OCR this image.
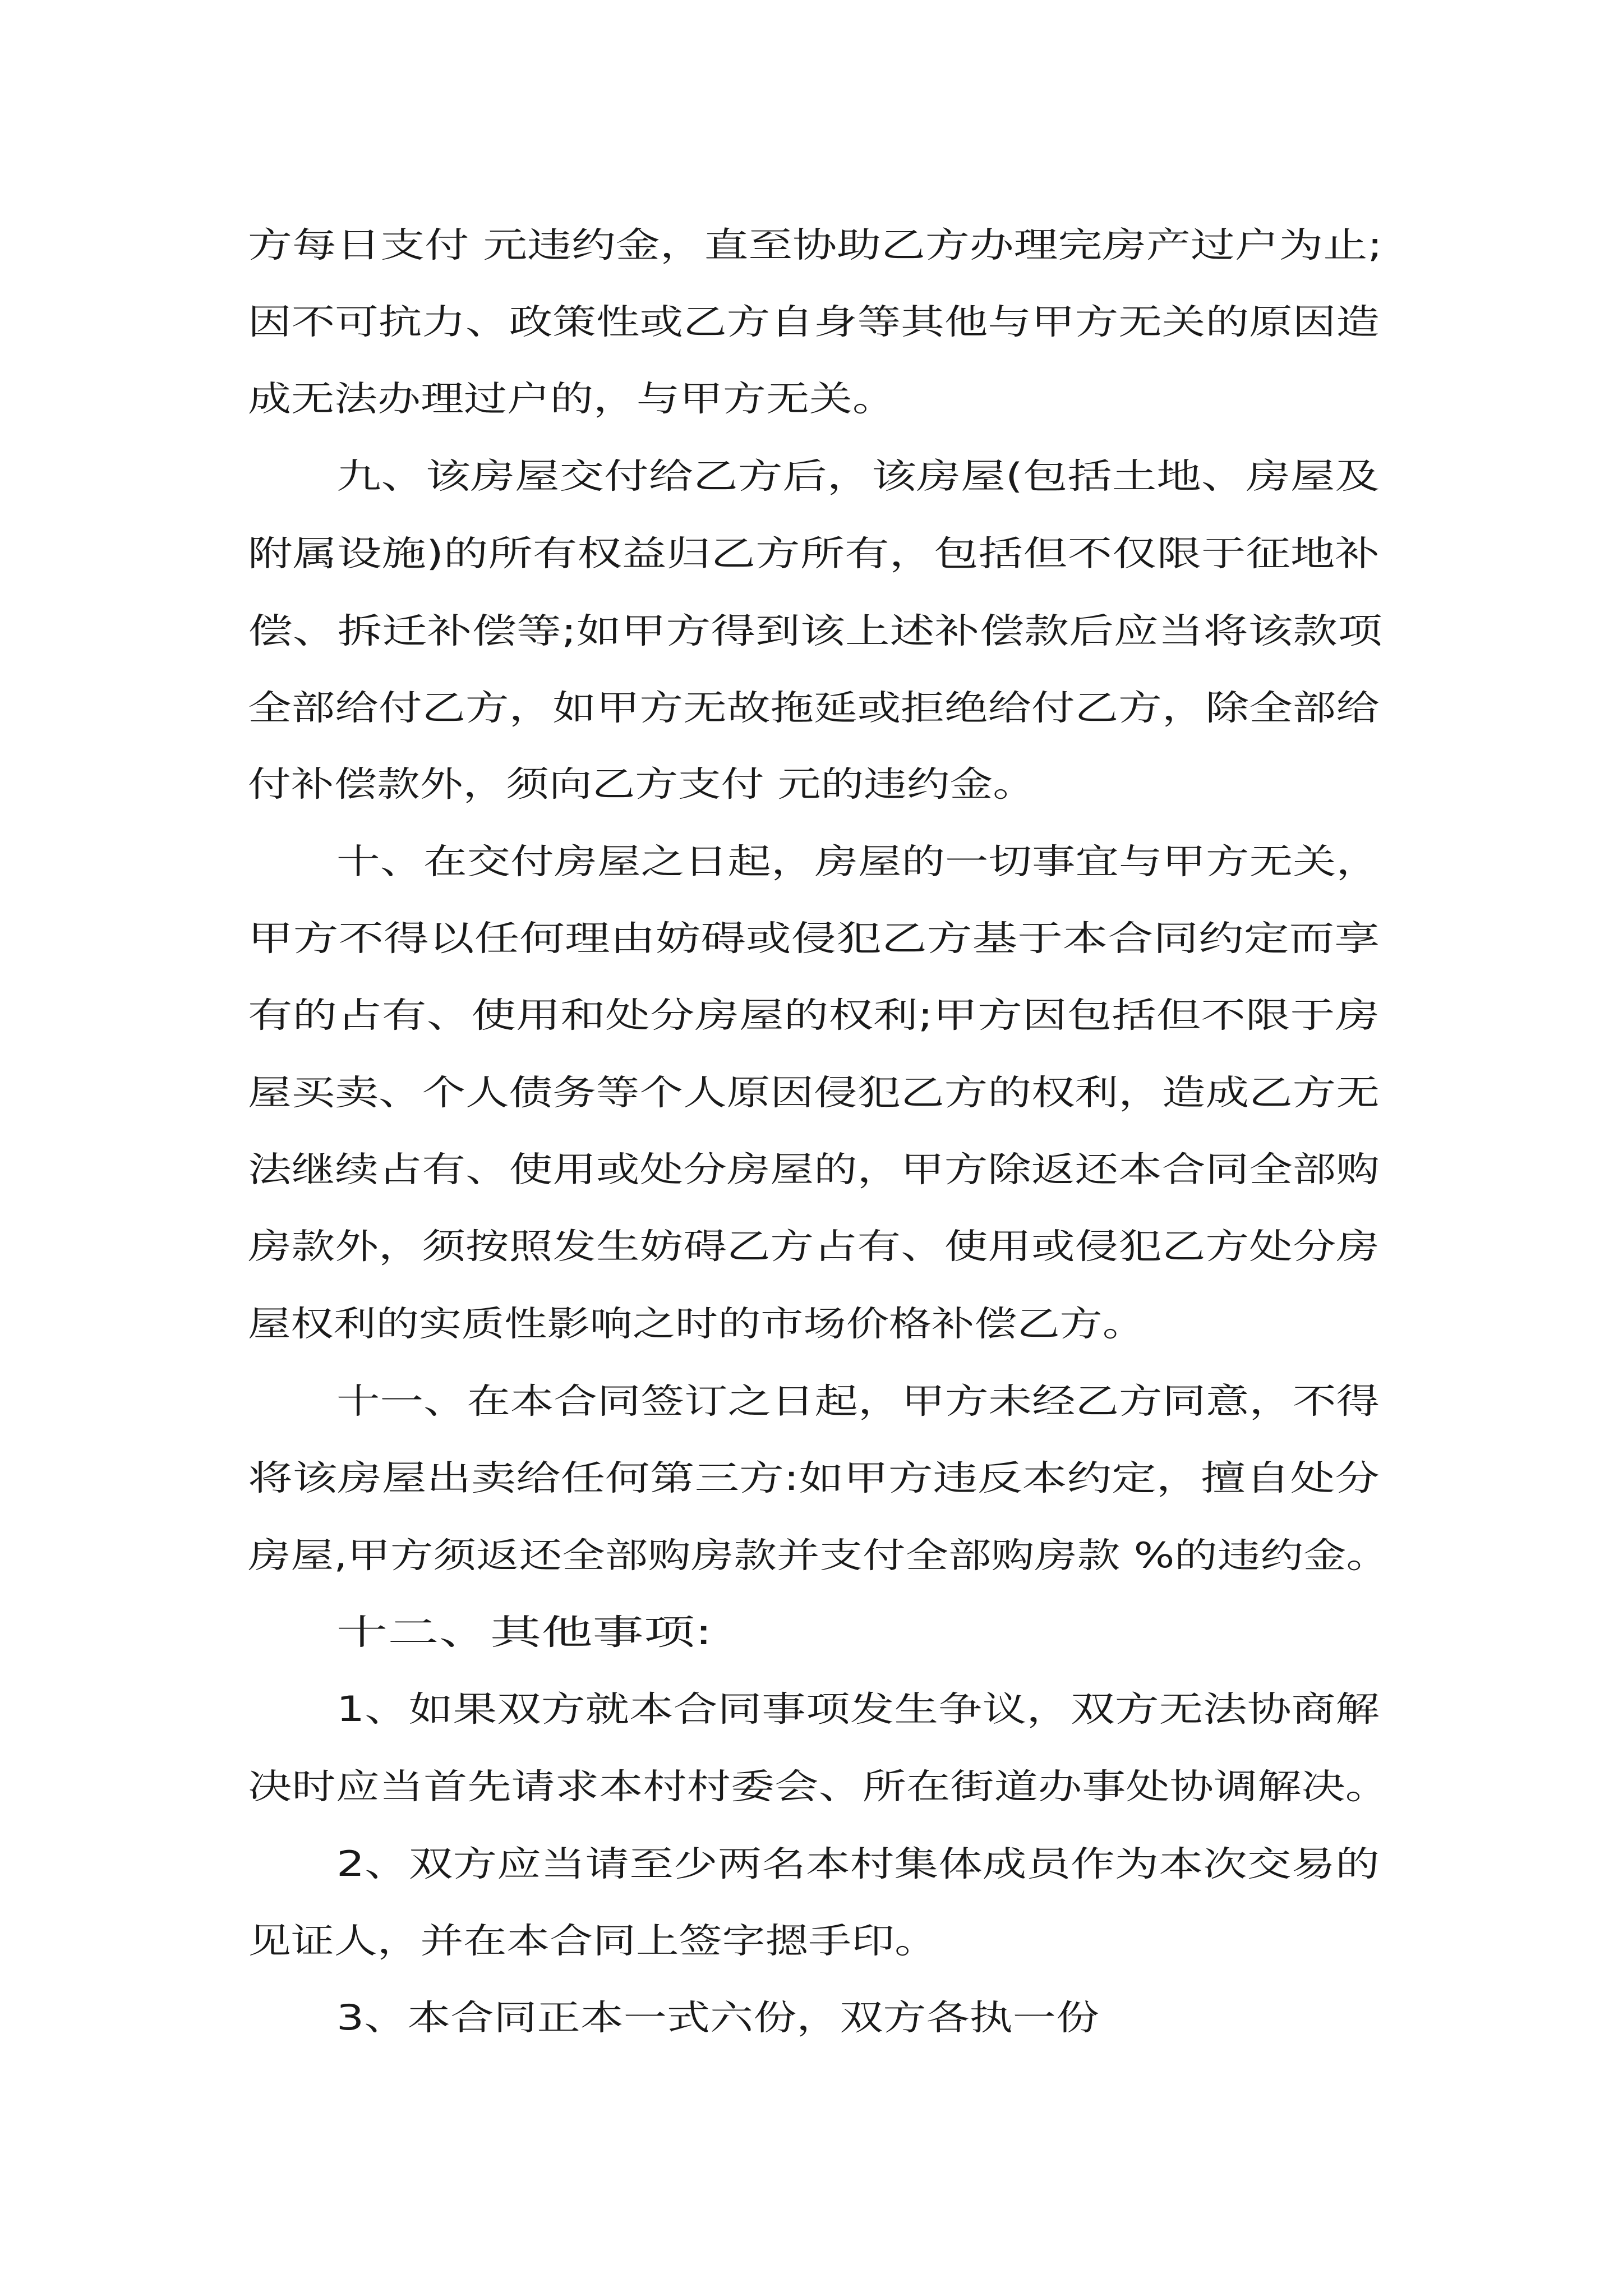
方每日支付 元违约金，直至协助乙方办理完房产过户为止;
因不可抗力、政策性或乙方自身等其他与甲方无关的原因造
成无法办理过户的，与甲方无关。
九、该房屋交付给乙方后，该房屋(包括土地、房屋及
附属设施)的所有权益归乙方所有，包括但不仅限于征地补
偿、拆迁补偿等;如甲方得到该上述补偿款后应当将该款项
全部给付乙方，如甲方无故拖延或拒绝给付乙方，除全部给
付补偿款外，须向乙方支付 元的违约金。
十、在交付房屋之日起，房屋的一切事宜与甲方无关，
甲方不得以任何理由妨碍或侵犯乙方基于本合同约定而享
有的占有、使用和处分房屋的权利;甲方因包括但不限于房
屋买卖、个人债务等个人原因侵犯乙方的权利，造成乙方无
法继续占有、使用或处分房屋的，甲方除返还本合同全部购
房款外，须按照发生妨碍乙方占有、使用或侵犯乙方处分房
屋权利的实质性影响之时的市场价格补偿乙方。
十一、在本合同签订之日起，甲方未经乙方同意，不得
将该房屋出卖给任何第三方:如甲方违反本约定，擅自处分
房屋,甲方须返还全部购房款并支付全部购房款 %的违约金。
十二、其他事项:
1、如果双方就本合同事项发生争议，双方无法协商解
决时应当首先请求本村村委会、所在街道办事处协调解决。
2、双方应当请至少两名本村集体成员作为本次交易的
见证人，并在本合同上签字摁手印。
3、本合同正本一式六份，双方各执一份
